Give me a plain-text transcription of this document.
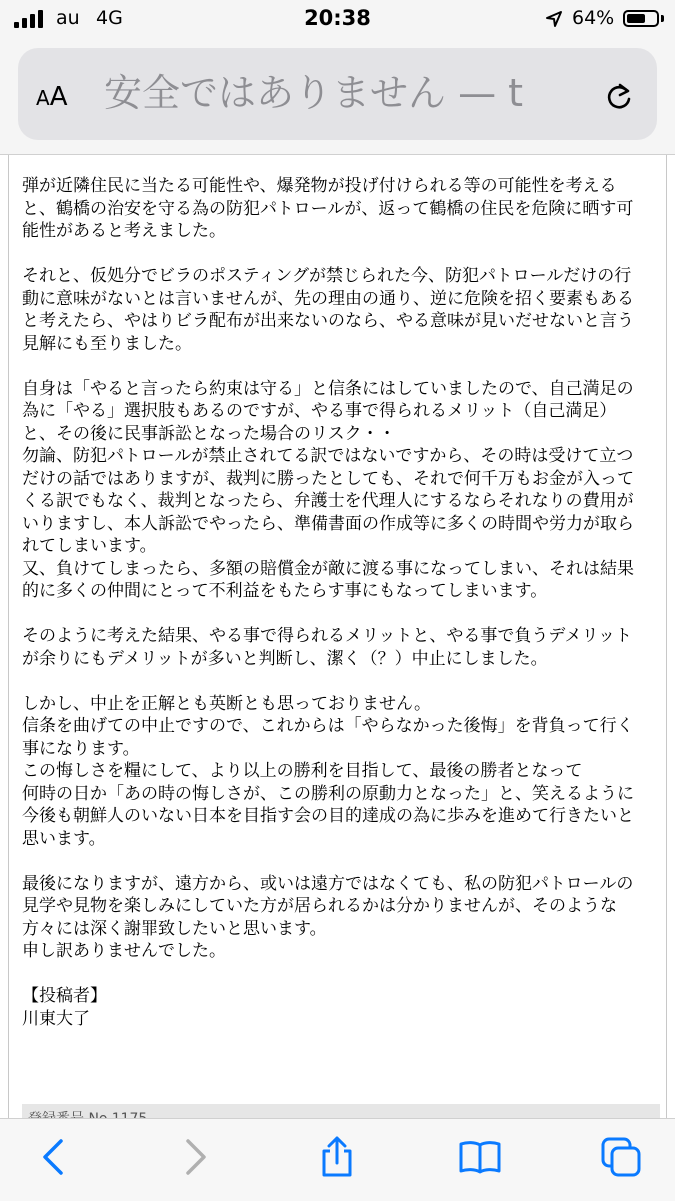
au 4G	20:38	64%
AA 安全ではありません — t
弾が近隣住民に当たる可能性や、爆発物が投げ付けられる等の可能性を考える
と、鶴橋の治安を守る為の防犯パトロールが、返って鶴橋の住民を危険に晒す可
能性があると考えました。
それと、仮処分でビラのポスティングが禁じられた今、防犯パトロールだけの行
動に意味がないとは言いませんが、先の理由の通り、逆に危険を招く要素もある
と考えたら、やはりビラ配布が出来ないのなら、やる意味が見いだせないと言う
見解にも至りました。
自身は「やると言ったら約束は守る」と信条にはしていましたので、自己満足の
為に「やる」選択肢もあるのですが、やる事で得られるメリット（自己満足）
と、その後に民事訴訟となった場合のリスク・・
勿論、防犯パトロールが禁止されてる訳ではないですから、その時は受けて立つ
だけの話ではありますが、裁判に勝ったとしても、それで何千万もお金が入って
くる訳でもなく、裁判となったら、弁護士を代理人にするならそれなりの費用が
いりますし、本人訴訟でやったら、準備書面の作成等に多くの時間や労力が取ら
れてしまいます。
又、負けてしまったら、多額の賠償金が敵に渡る事になってしまい、それは結果
的に多くの仲間にとって不利益をもたらす事にもなってしまいます。
そのように考えた結果、やる事で得られるメリットと、やる事で負うデメリット
が余りにもデメリットが多いと判断し、潔く（？）中止にしました。
しかし、中止を正解とも英断とも思っておりません。
信条を曲げての中止ですので、これからは「やらなかった後悔」を背負って行く
事になります。
この悔しさを糧にして、より以上の勝利を目指して、最後の勝者となって
何時の日か「あの時の悔しさが、この勝利の原動力となった」と、笑えるように
今後も朝鮮人のいない日本を目指す会の目的達成の為に歩みを進めて行きたいと
思います。
最後になりますが、遠方から、或いは遠方ではなくても、私の防犯パトロールの
見学や見物を楽しみにしていた方が居られるかは分かりませんが、そのような
方々には深く謝罪致したいと思います。
申し訳ありませんでした。
【投稿者】
川東大了
